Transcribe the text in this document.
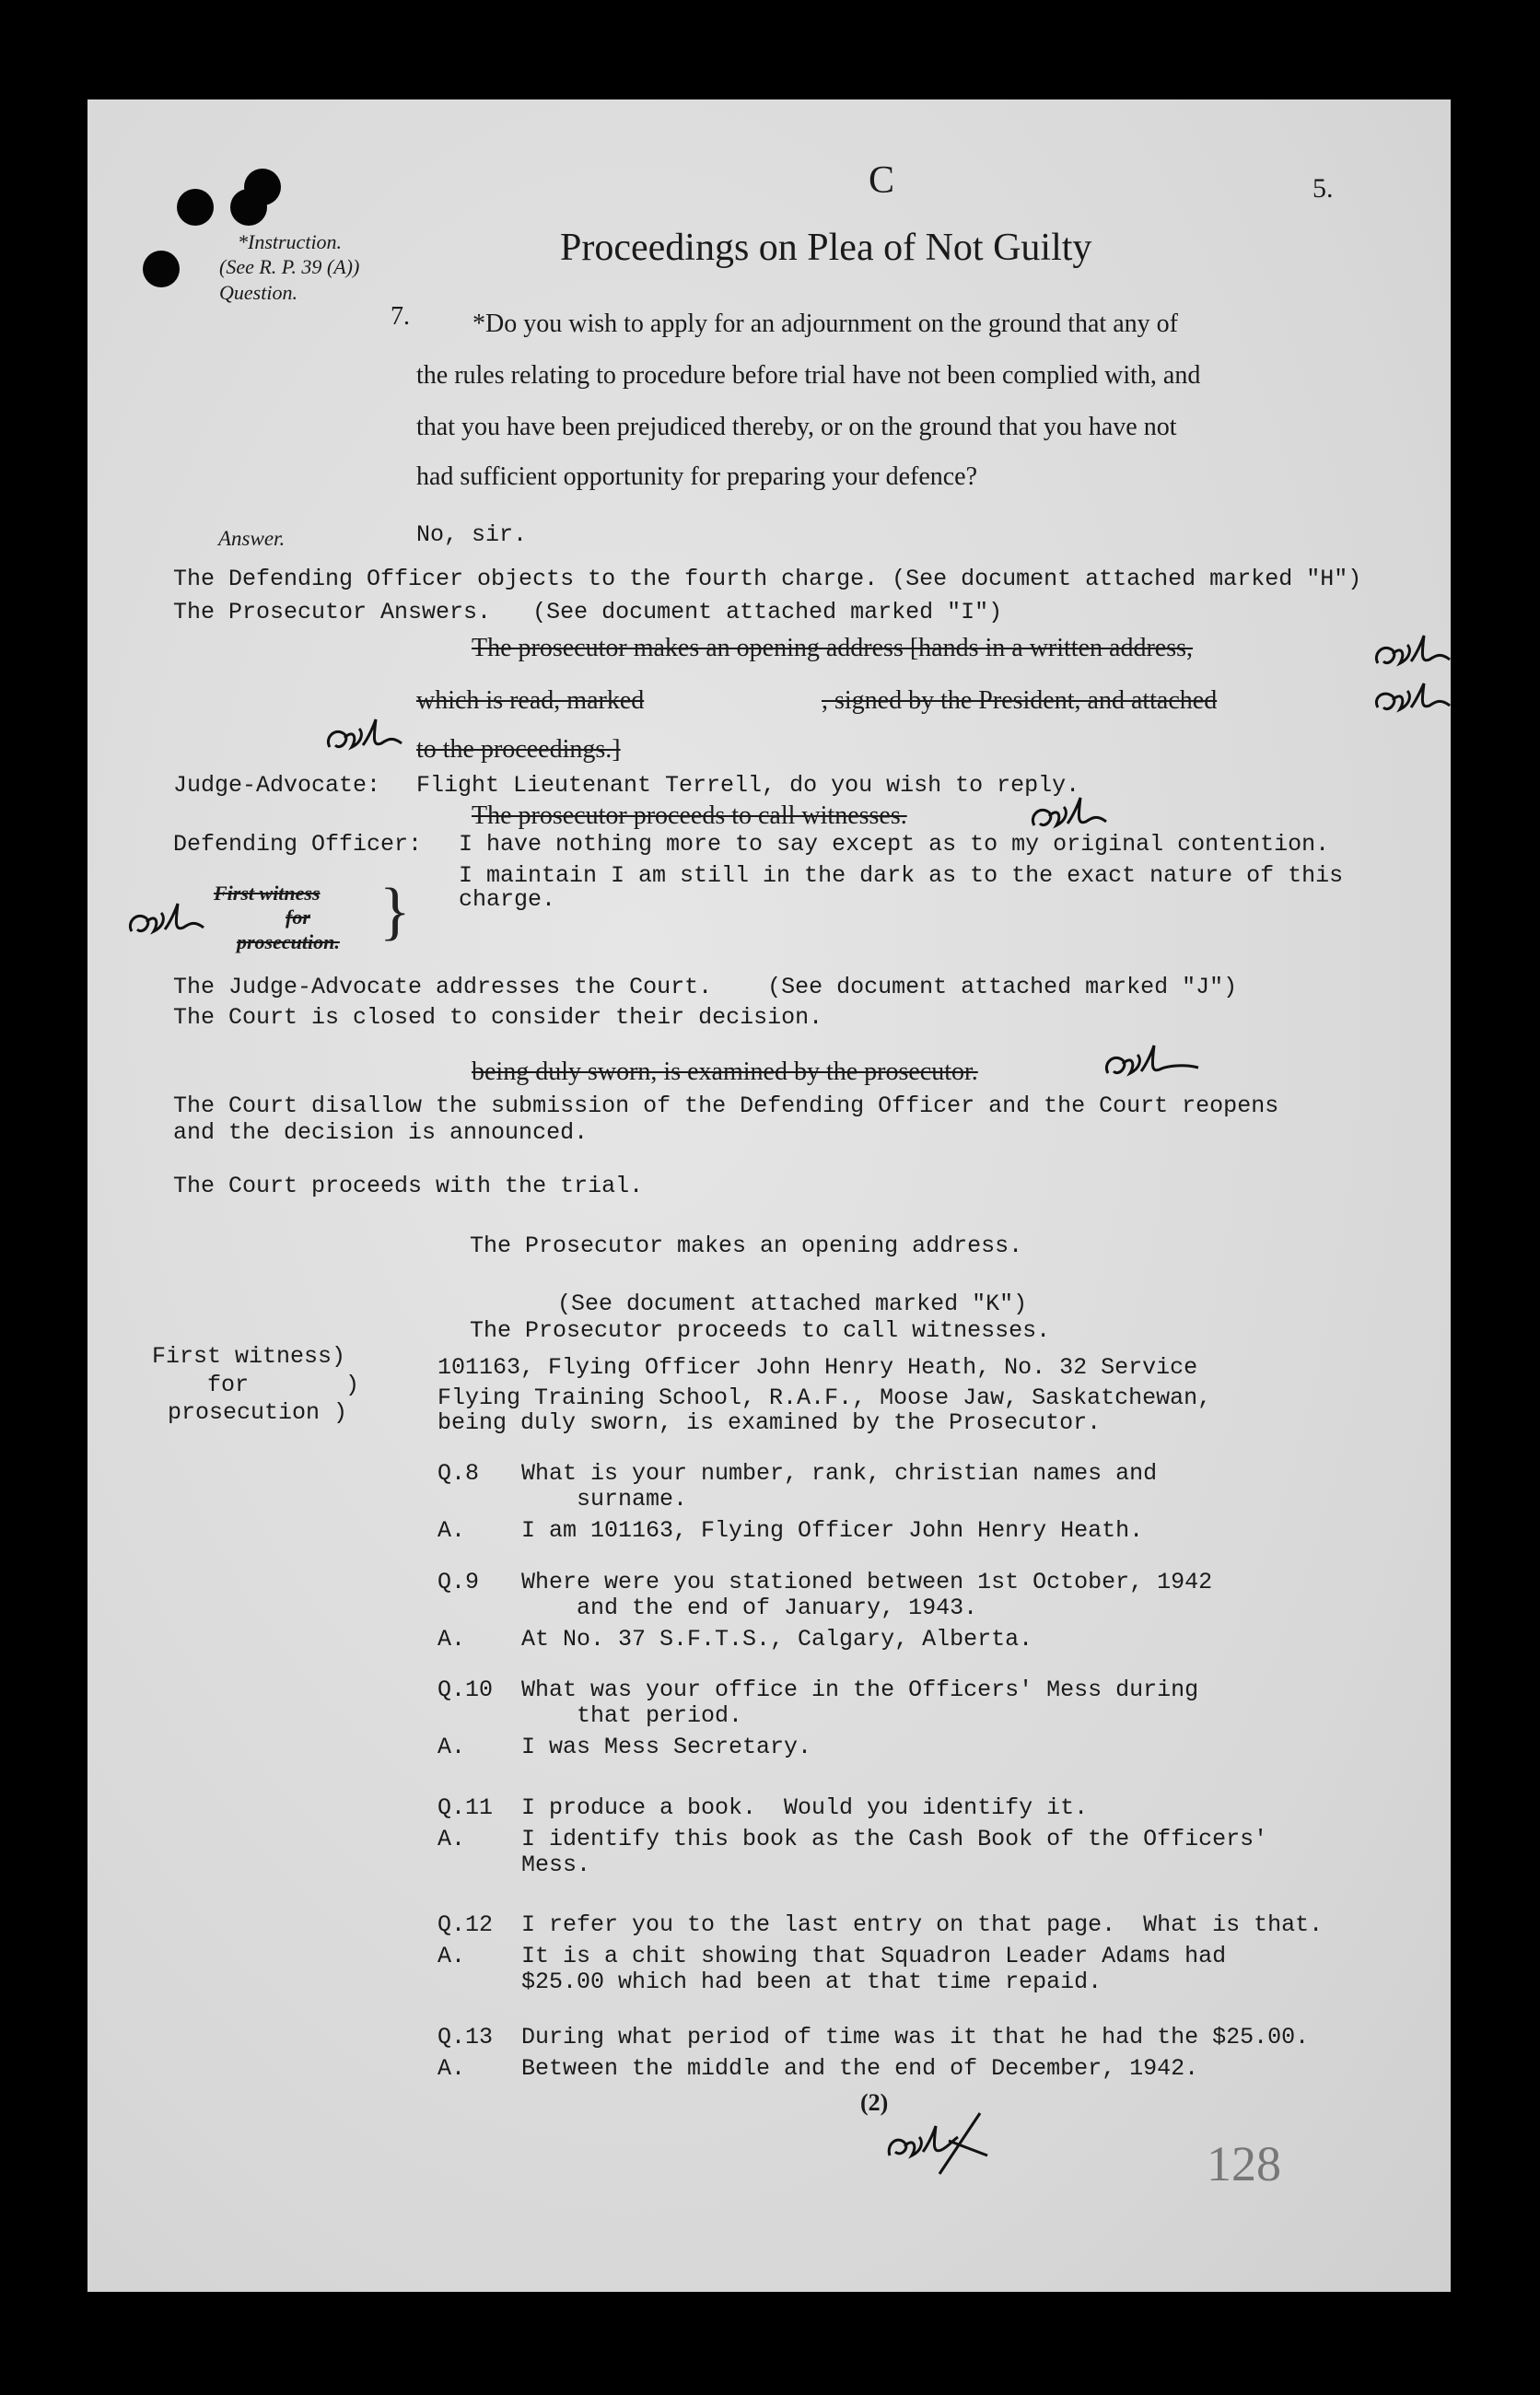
C	5.
*Instruction.
(See R. P. 39 (A))
Question.
Proceedings on Plea of Not Guilty
7. *Do you wish to apply for an adjournment on the ground that any of
the rules relating to procedure before trial have not been complied with, and
that you have been prejudiced thereby, or on the ground that you have not
had sufficient opportunity for preparing your defence?
Answer.	No, sir.
The Defending Officer objects to the fourth charge. (See document attached marked "H")
The Prosecutor Answers.   (See document attached marked "I")
The prosecutor makes an opening address [hands in a written address,
which is read, marked	, signed by the President, and attached
to the proceedings.]
Judge-Advocate: Flight Lieutenant Terrell, do you wish to reply.
The prosecutor proceeds to call witnesses.
Defending Officer: I have nothing more to say except as to my original contention.
I maintain I am still in the dark as to the exact nature of this
charge.
First witness
for
prosecution. }
The Judge-Advocate addresses the Court.    (See document attached marked "J")
The Court is closed to consider their decision.
being duly sworn, is examined by the prosecutor.
The Court disallow the submission of the Defending Officer and the Court reopens
and the decision is announced.
The Court proceeds with the trial.
The Prosecutor makes an opening address.
(See document attached marked "K")
The Prosecutor proceeds to call witnesses.
First witness)
for       )
prosecution )
101163, Flying Officer John Henry Heath, No. 32 Service
Flying Training School, R.A.F., Moose Jaw, Saskatchewan,
being duly sworn, is examined by the Prosecutor.
Q.8 What is your number, rank, christian names and
surname.
A. I am 101163, Flying Officer John Henry Heath.
Q.9 Where were you stationed between 1st October, 1942
and the end of January, 1943.
A. At No. 37 S.F.T.S., Calgary, Alberta.
Q.10 What was your office in the Officers' Mess during
that period.
A. I was Mess Secretary.
Q.11 I produce a book.  Would you identify it.
A. I identify this book as the Cash Book of the Officers'
Mess.
Q.12 I refer you to the last entry on that page.  What is that.
A. It is a chit showing that Squadron Leader Adams had
$25.00 which had been at that time repaid.
Q.13 During what period of time was it that he had the $25.00.
A. Between the middle and the end of December, 1942.
(2)
128
